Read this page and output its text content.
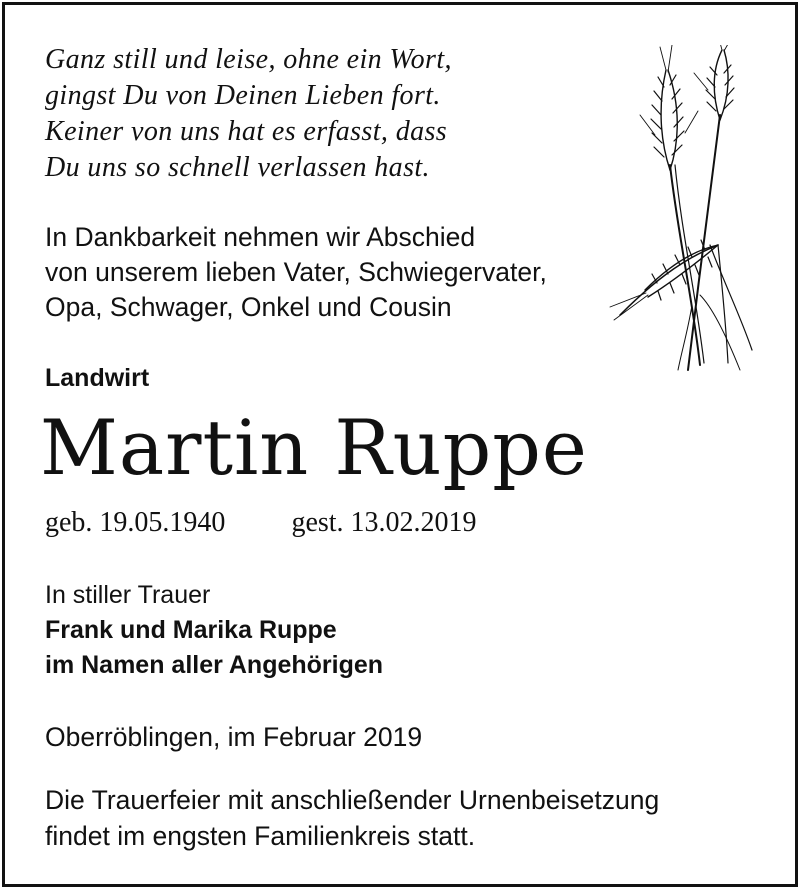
Ganz still und leise, ohne ein Wort,
gingst Du von Deinen Lieben fort.
Keiner von uns hat es erfasst, dass
Du uns so schnell verlassen hast.

In Dankbarkeit nehmen wir Abschied
von unserem lieben Vater, Schwiegervater,
Opa, Schwager, Onkel und Cousin

Landwirt

Martin Ruppe

geb. 19.05.1940 gest. 13.02.2019

In stiller Trauer
Frank und Marika Ruppe
im Namen aller Angehörigen

Oberröblingen, im Februar 2019

Die Trauerfeier mit anschließender Urnenbeisetzung
findet im engsten Familienkreis statt.
